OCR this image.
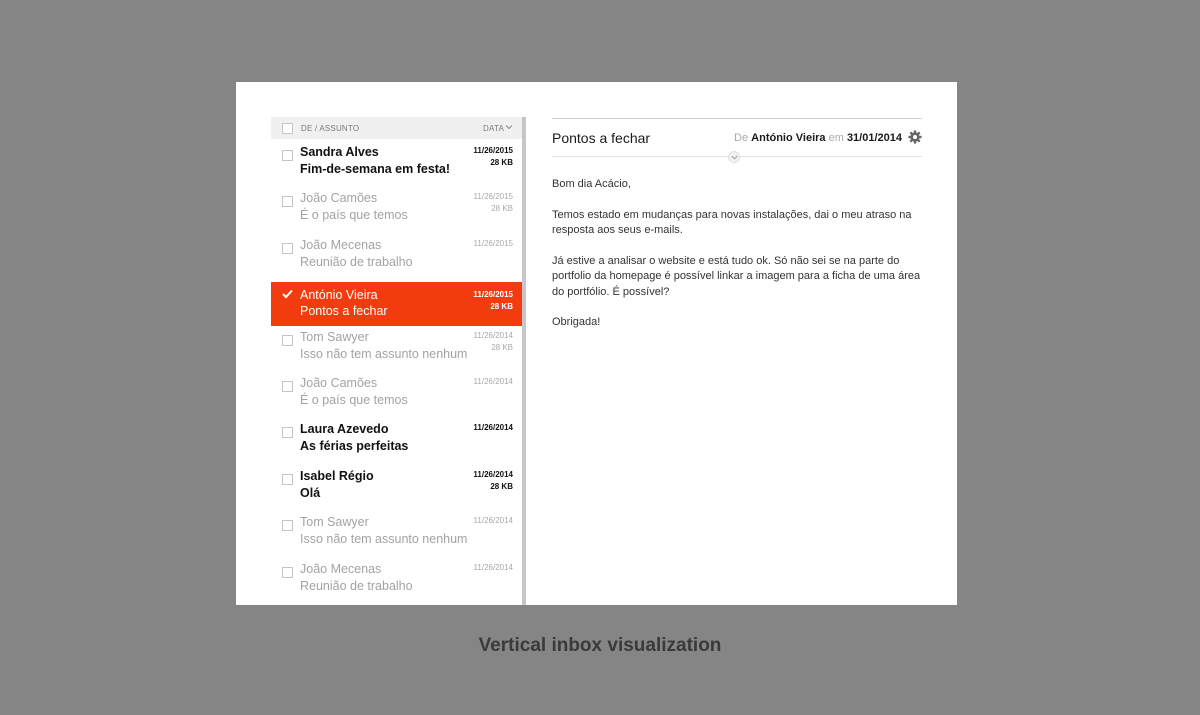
DE / ASSUNTO	DATA
Sandra Alves
Fim-de-semana em festa!
11/26/2015
28 KB
João Camões
É o país que temos
11/26/2015
28 KB
João Mecenas
Reunião de trabalho
11/26/2015
António Vieira
Pontos a fechar
11/26/2015
28 KB
Tom Sawyer
Isso não tem assunto nenhum
11/26/2014
28 KB
João Camões
É o país que temos
11/26/2014
Laura Azevedo
As férias perfeitas
11/26/2014
Isabel Régio
Olá
11/26/2014
28 KB
Tom Sawyer
Isso não tem assunto nenhum
11/26/2014
João Mecenas
Reunião de trabalho
11/26/2014
Pontos a fechar	De António Vieira em 31/01/2014

Bom dia Acácio,

Temos estado em mudanças para novas instalações, dai o meu atraso na resposta aos seus e-mails.

Já estive a analisar o website e está tudo ok. Só não sei se na parte do portfolio da homepage é possível linkar a imagem para a ficha de uma área do portfólio. É possível?

Obrigada!

Vertical inbox visualization
